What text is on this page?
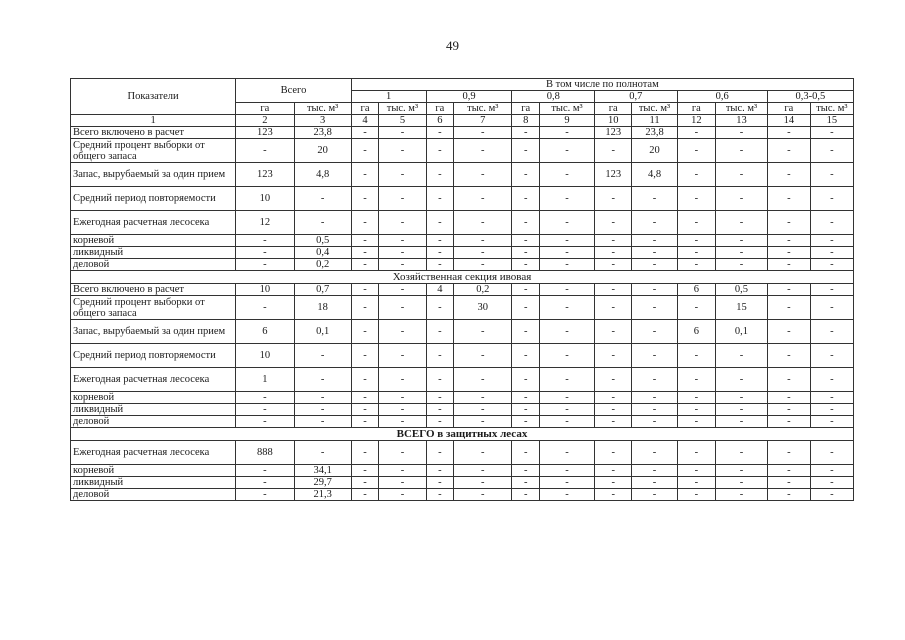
49
Показатели	Всего		В том числе по полнотам											
			1		0,9		0,8		0,7		0,6		0,3-0,5	
	га	тыс. м³	га	тыс. м³	га	тыс. м³	га	тыс. м³	га	тыс. м³	га	тыс. м³	га	тыс. м³
1	2	3	4	5	6	7	8	9	10	11	12	13	14	15
Всего включено в расчет	123	23,8	-	-	-	-	-	-	123	23,8	-	-	-	-
Средний процент выборки от общего запаса	-	20	-	-	-	-	-	-	-	20	-	-	-	-
Запас, вырубаемый за один прием	123	4,8	-	-	-	-	-	-	123	4,8	-	-	-	-
Средний период повторяемости	10	-	-	-	-	-	-	-	-	-	-	-	-	-
Ежегодная расчетная лесосека	12	-	-	-	-	-	-	-	-	-	-	-	-	-
корневой	-	0,5	-	-	-	-	-	-	-	-	-	-	-	-
ликвидный	-	0,4	-	-	-	-	-	-	-	-	-	-	-	-
деловой	-	0,2	-	-	-	-	-	-	-	-	-	-	-	-
Хозяйственная секция ивовая														
Всего включено в расчет	10	0,7	-	-	4	0,2	-	-	-	-	6	0,5	-	-
Средний процент выборки от общего запаса	-	18	-	-	-	30	-	-	-	-	-	15	-	-
Запас, вырубаемый за один прием	6	0,1	-	-	-	-	-	-	-	-	6	0,1	-	-
Средний период повторяемости	10	-	-	-	-	-	-	-	-	-	-	-	-	-
Ежегодная расчетная лесосека	1	-	-	-	-	-	-	-	-	-	-	-	-	-
корневой	-	-	-	-	-	-	-	-	-	-	-	-	-	-
ликвидный	-	-	-	-	-	-	-	-	-	-	-	-	-	-
деловой	-	-	-	-	-	-	-	-	-	-	-	-	-	-
ВСЕГО в защитных лесах														
Ежегодная расчетная лесосека	888	-	-	-	-	-	-	-	-	-	-	-	-	-
корневой	-	34,1	-	-	-	-	-	-	-	-	-	-	-	-
ликвидный	-	29,7	-	-	-	-	-	-	-	-	-	-	-	-
деловой	-	21,3	-	-	-	-	-	-	-	-	-	-	-	-
